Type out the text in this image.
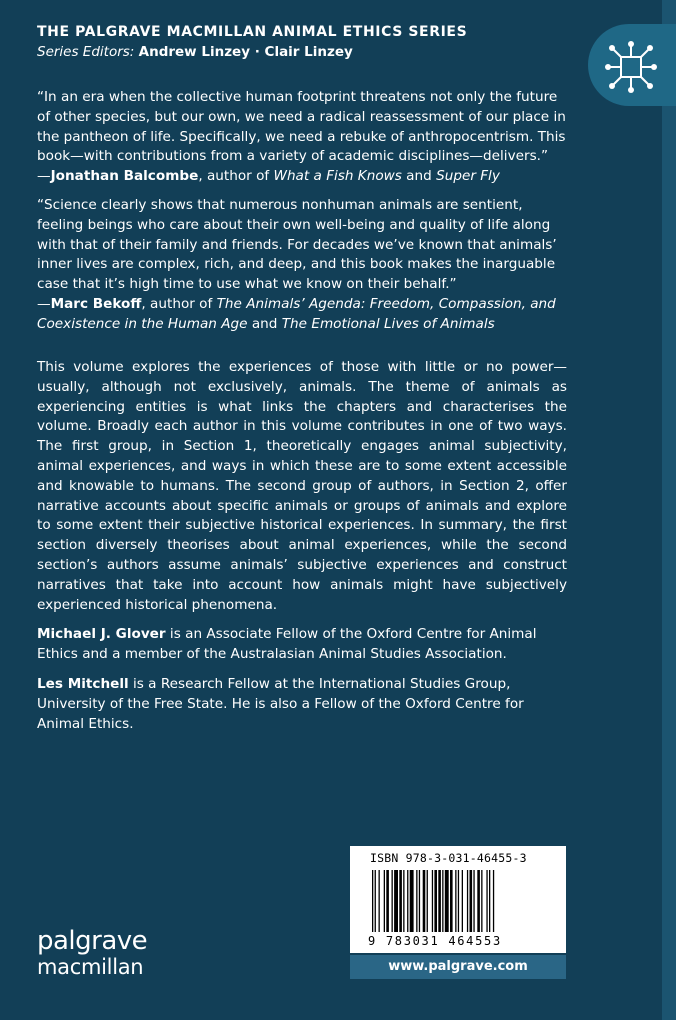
THE PALGRAVE MACMILLAN ANIMAL ETHICS SERIES
Series Editors: Andrew Linzey · Clair Linzey
“In an era when the collective human footprint threatens not only the future of other species, but our own, we need a radical reassessment of our place in the pantheon of life. Specifically, we need a rebuke of anthropocentrism. This book—with contributions from a variety of academic disciplines—delivers.”
—Jonathan Balcombe, author of What a Fish Knows and Super Fly
“Science clearly shows that numerous nonhuman animals are sentient, feeling beings who care about their own well-being and quality of life along with that of their family and friends. For decades we’ve known that animals’ inner lives are complex, rich, and deep, and this book makes the inarguable case that it’s high time to use what we know on their behalf.”
—Marc Bekoff, author of The Animals’ Agenda: Freedom, Compassion, and Coexistence in the Human Age and The Emotional Lives of Animals
This volume explores the experiences of those with little or no power—usually, although not exclusively, animals. The theme of animals as experiencing entities is what links the chapters and characterises the volume. Broadly each author in this volume contributes in one of two ways. The first group, in Section 1, theoretically engages animal subjectivity, animal experiences, and ways in which these are to some extent accessible and knowable to humans. The second group of authors, in Section 2, offer narrative accounts about specific animals or groups of animals and explore to some extent their subjective historical experiences. In summary, the first section diversely theorises about animal experiences, while the second section’s authors assume animals’ subjective experiences and construct narratives that take into account how animals might have subjectively experienced historical phenomena.
Michael J. Glover is an Associate Fellow of the Oxford Centre for Animal Ethics and a member of the Australasian Animal Studies Association.
Les Mitchell is a Research Fellow at the International Studies Group, University of the Free State. He is also a Fellow of the Oxford Centre for Animal Ethics.
palgrave
macmillan
ISBN 978-3-031-46455-3
9 783031 464553
www.palgrave.com
